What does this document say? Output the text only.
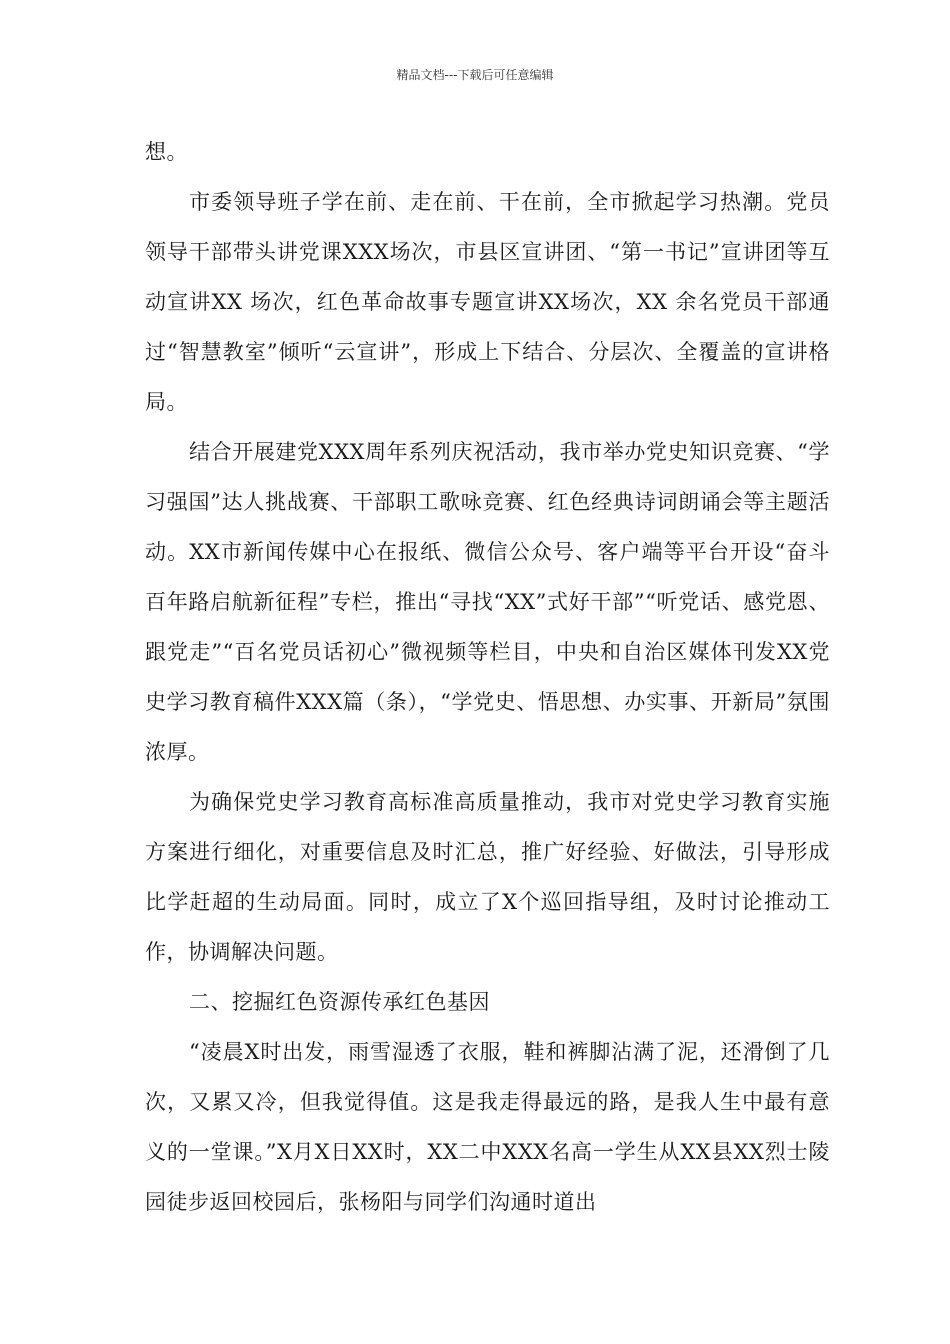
精品文档---下载后可任意编辑

想。

市委领导班子学在前、走在前、干在前，全市掀起学习热潮。党员领导干部带头讲党课XXX场次，市县区宣讲团、“第一书记”宣讲团等互动宣讲XX 场次，红色革命故事专题宣讲XX场次，XX 余名党员干部通过“智慧教室”倾听“云宣讲”，形成上下结合、分层次、全覆盖的宣讲格局。

结合开展建党XXX周年系列庆祝活动，我市举办党史知识竞赛、“学习强国”达人挑战赛、干部职工歌咏竞赛、红色经典诗词朗诵会等主题活动。XX市新闻传媒中心在报纸、微信公众号、客户端等平台开设“奋斗百年路启航新征程”专栏，推出“寻找“XX”式好干部”“听党话、感党恩、跟党走”“百名党员话初心”微视频等栏目，中央和自治区媒体刊发XX党史学习教育稿件XXX篇（条），“学党史、悟思想、办实事、开新局”氛围浓厚。

为确保党史学习教育高标准高质量推动，我市对党史学习教育实施方案进行细化，对重要信息及时汇总，推广好经验、好做法，引导形成比学赶超的生动局面。同时，成立了X个巡回指导组，及时讨论推动工作，协调解决问题。

二、挖掘红色资源传承红色基因

“凌晨X时出发，雨雪湿透了衣服，鞋和裤脚沾满了泥，还滑倒了几次，又累又冷，但我觉得值。这是我走得最远的路，是我人生中最有意义的一堂课。”X月X日XX时，XX二中XXX名高一学生从XX县XX烈士陵园徒步返回校园后，张杨阳与同学们沟通时道出
